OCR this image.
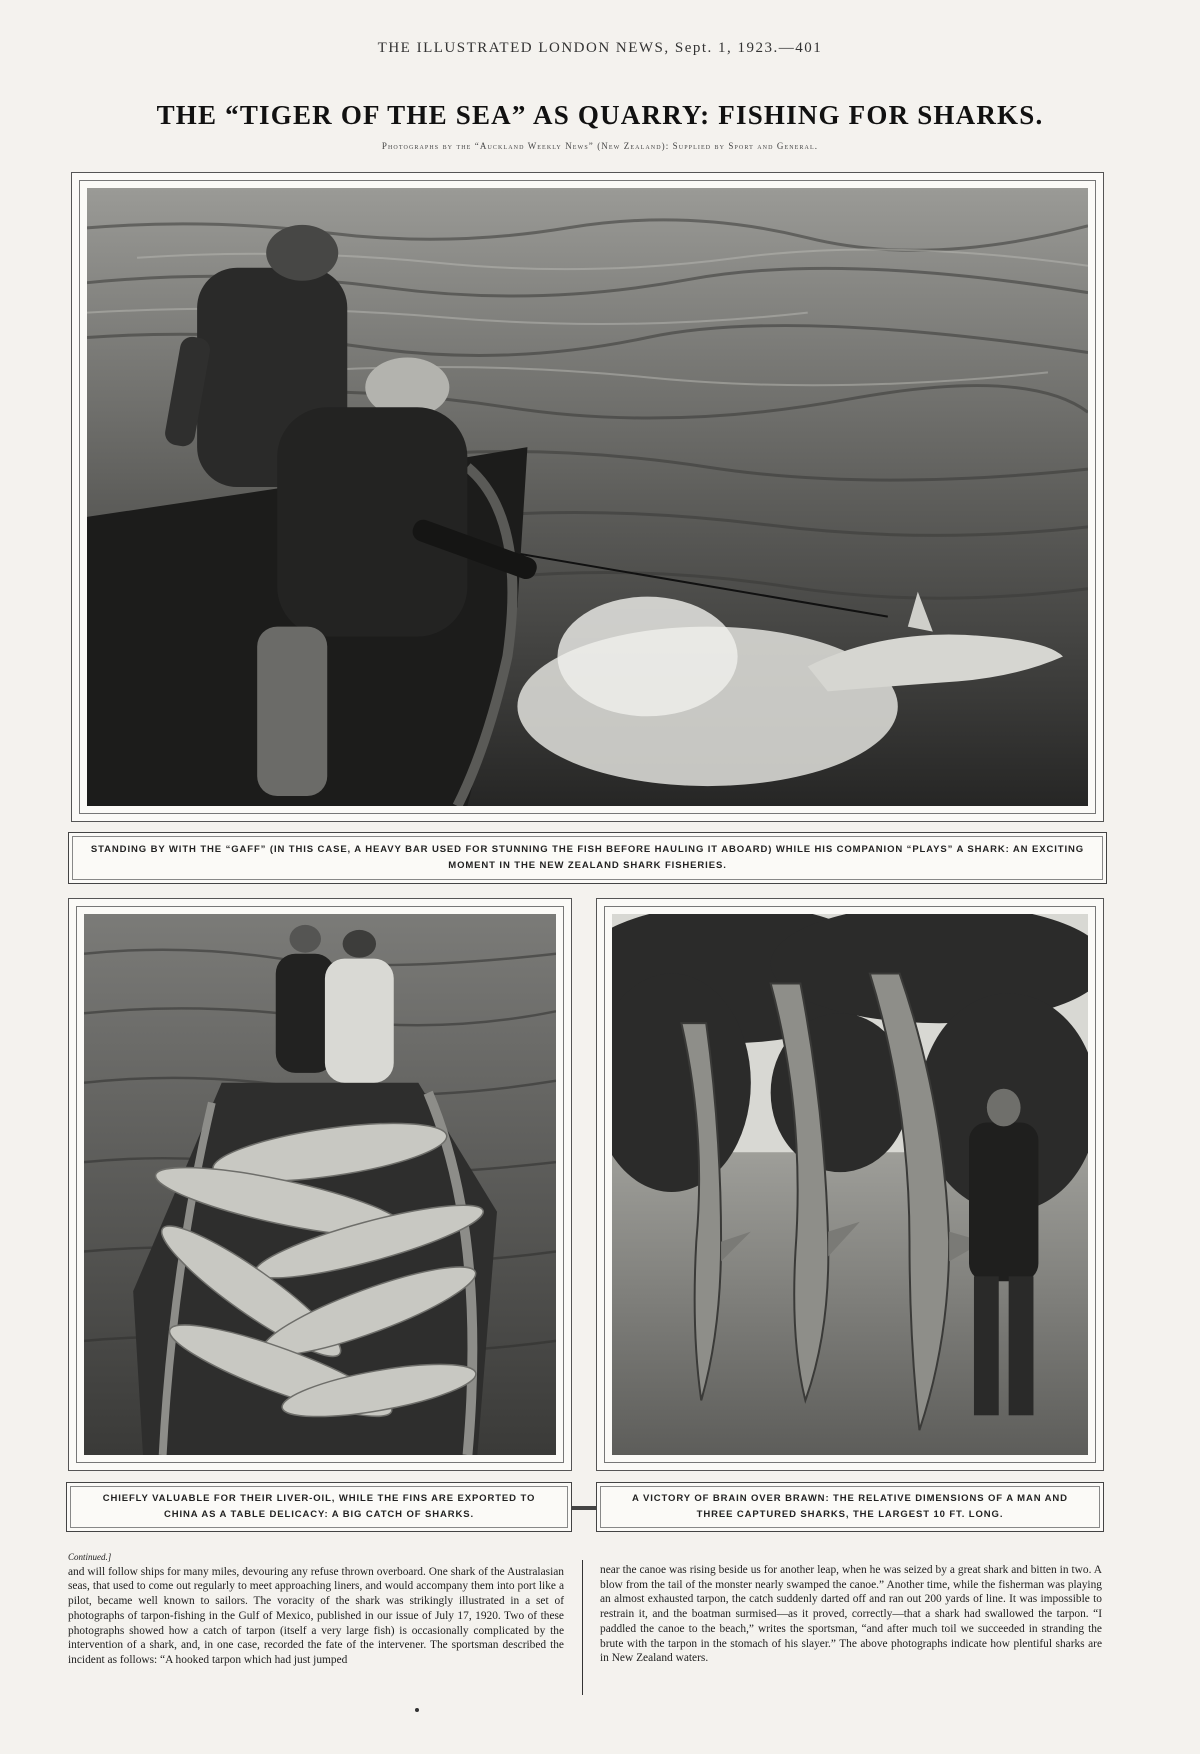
THE ILLUSTRATED LONDON NEWS, Sept. 1, 1923.—401
THE “TIGER OF THE SEA” AS QUARRY: FISHING FOR SHARKS.
Photographs by the “Auckland Weekly News” (New Zealand): Supplied by Sport and General.
STANDING BY WITH THE “GAFF” (IN THIS CASE, A HEAVY BAR USED FOR STUNNING THE FISH BEFORE HAULING IT ABOARD) WHILE HIS COMPANION “PLAYS” A SHARK: AN EXCITING MOMENT IN THE NEW ZEALAND SHARK FISHERIES.
CHIEFLY VALUABLE FOR THEIR LIVER-OIL, WHILE THE FINS ARE EXPORTED TO CHINA AS A TABLE DELICACY: A BIG CATCH OF SHARKS.
A VICTORY OF BRAIN OVER BRAWN: THE RELATIVE DIMENSIONS OF A MAN AND THREE CAPTURED SHARKS, THE LARGEST 10 FT. LONG.
Continued.]
and will follow ships for many miles, devouring any refuse thrown overboard. One shark of the Australasian seas, that used to come out regularly to meet approaching liners, and would accompany them into port like a pilot, became well known to sailors. The voracity of the shark was strikingly illustrated in a set of photographs of tarpon-fishing in the Gulf of Mexico, published in our issue of July 17, 1920. Two of these photographs showed how a catch of tarpon (itself a very large fish) is occasionally complicated by the intervention of a shark, and, in one case, recorded the fate of the intervener. The sportsman described the incident as follows: “A hooked tarpon which had just jumped
near the canoe was rising beside us for another leap, when he was seized by a great shark and bitten in two. A blow from the tail of the monster nearly swamped the canoe.” Another time, while the fisherman was playing an almost exhausted tarpon, the catch suddenly darted off and ran out 200 yards of line. It was impossible to restrain it, and the boatman surmised—as it proved, correctly—that a shark had swallowed the tarpon. “I paddled the canoe to the beach,” writes the sportsman, “and after much toil we succeeded in stranding the brute with the tarpon in the stomach of his slayer.” The above photographs indicate how plentiful sharks are in New Zealand waters.
